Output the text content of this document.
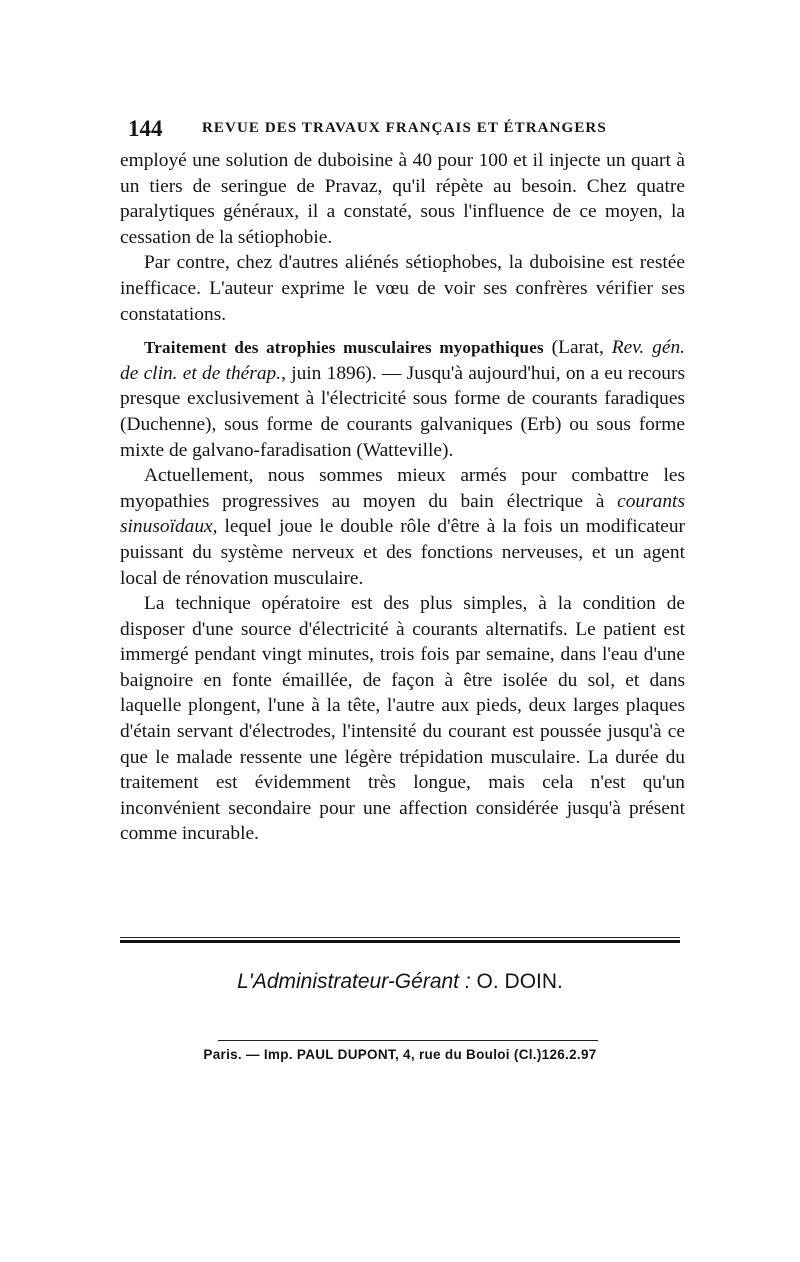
144	REVUE DES TRAVAUX FRANÇAIS ET ÉTRANGERS

employé une solution de duboisine à 40 pour 100 et il injecte un quart à un tiers de seringue de Pravaz, qu'il répète au besoin. Chez quatre paralytiques généraux, il a constaté, sous l'influence de ce moyen, la cessation de la sétiophobie.

Par contre, chez d'autres aliénés sétiophobes, la duboisine est restée inefficace. L'auteur exprime le vœu de voir ses confrères vérifier ses constatations.

Traitement des atrophies musculaires myopathiques (Larat, Rev. gén. de clin. et de thérap., juin 1896). — Jusqu'à aujourd'hui, on a eu recours presque exclusivement à l'électricité sous forme de courants faradiques (Duchenne), sous forme de courants galvaniques (Erb) ou sous forme mixte de galvano-faradisation (Watteville).

Actuellement, nous sommes mieux armés pour combattre les myopathies progressives au moyen du bain électrique à courants sinusoïdaux, lequel joue le double rôle d'être à la fois un modificateur puissant du système nerveux et des fonctions nerveuses, et un agent local de rénovation musculaire.

La technique opératoire est des plus simples, à la condition de disposer d'une source d'électricité à courants alternatifs. Le patient est immergé pendant vingt minutes, trois fois par semaine, dans l'eau d'une baignoire en fonte émaillée, de façon à être isolée du sol, et dans laquelle plongent, l'une à la tête, l'autre aux pieds, deux larges plaques d'étain servant d'électrodes, l'intensité du courant est poussée jusqu'à ce que le malade ressente une légère trépidation musculaire. La durée du traitement est évidemment très longue, mais cela n'est qu'un inconvénient secondaire pour une affection considérée jusqu'à présent comme incurable.

L'Administrateur-Gérant : O. DOIN.
Paris. — Imp. PAUL DUPONT, 4, rue du Bouloi (Cl.)126.2.97
